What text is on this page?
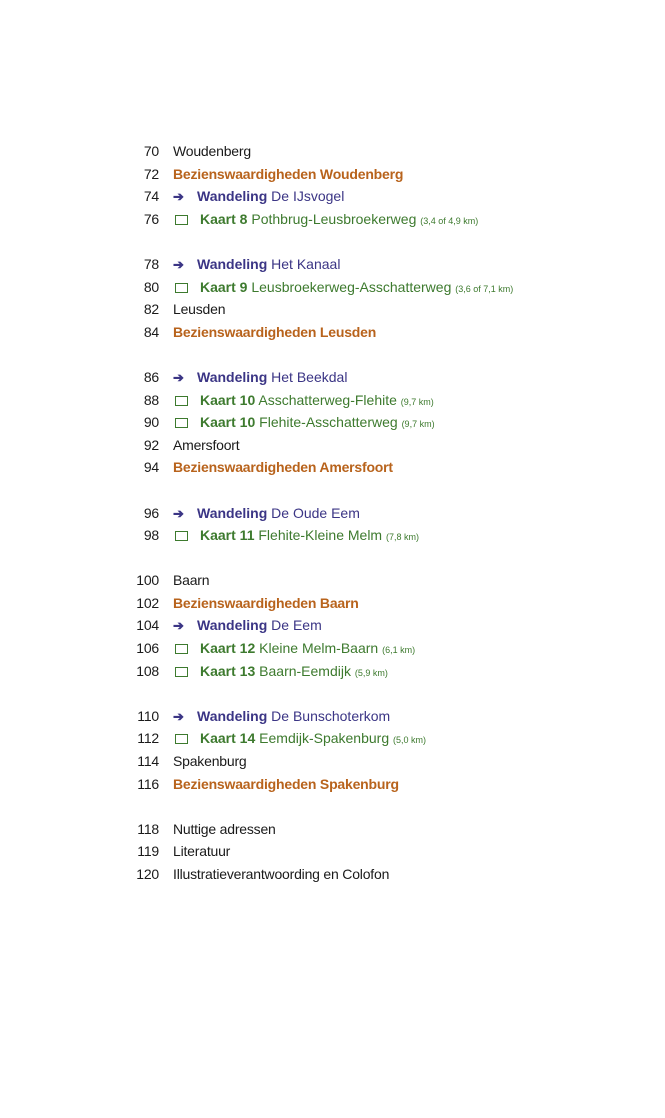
70 Woudenberg
72 Bezienswaardigheden Woudenberg
74 ➔ Wandeling De IJsvogel
76	Kaart 8 Pothbrug-Leusbroekerweg (3,4 of 4,9 km)
78 ➔ Wandeling Het Kanaal
80	Kaart 9 Leusbroekerweg-Asschatterweg (3,6 of 7,1 km)
82 Leusden
84 Bezienswaardigheden Leusden
86 ➔ Wandeling Het Beekdal
88	Kaart 10 Asschatterweg-Flehite (9,7 km)
90	Kaart 10 Flehite-Asschatterweg (9,7 km)
92 Amersfoort
94 Bezienswaardigheden Amersfoort
96 ➔ Wandeling De Oude Eem
98	Kaart 11 Flehite-Kleine Melm (7,8 km)
100 Baarn
102 Bezienswaardigheden Baarn
104 ➔ Wandeling De Eem
106	Kaart 12 Kleine Melm-Baarn (6,1 km)
108	Kaart 13 Baarn-Eemdijk (5,9 km)
110 ➔ Wandeling De Bunschoterkom
112	Kaart 14 Eemdijk-Spakenburg (5,0 km)
114 Spakenburg
116 Bezienswaardigheden Spakenburg
118 Nuttige adressen
119 Literatuur
120 Illustratieverantwoording en Colofon
